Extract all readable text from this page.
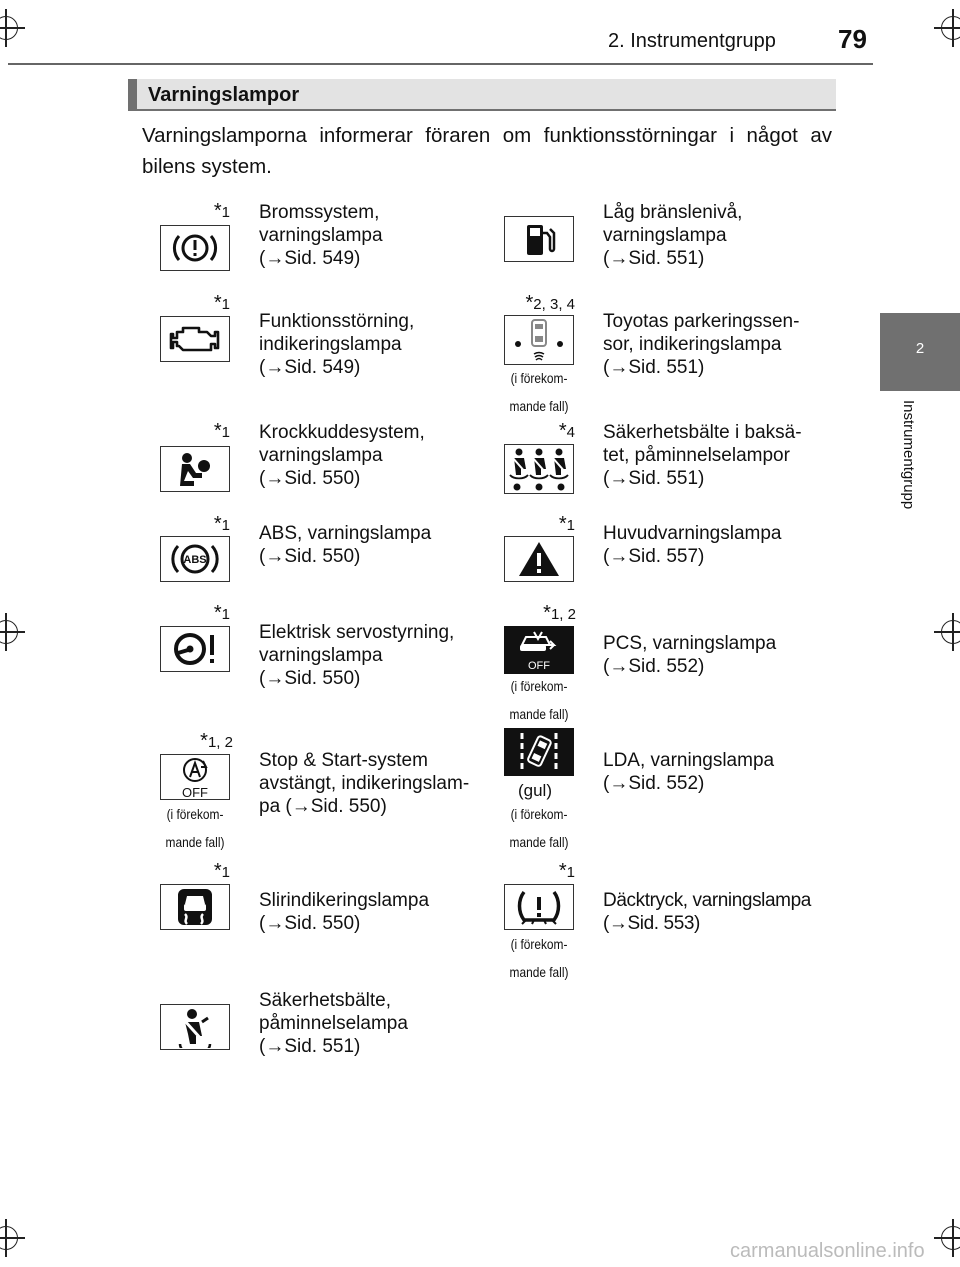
2. Instrumentgrupp 79
2
Instrumentgrupp
Varningslampor
Varningslamporna informerar föraren om funktionsstörningar i något av bilens system.
*1 Bromssystem,
varningslampa
(→Sid. 549)
*1
Funktionsstörning,
indikeringslampa
(→Sid. 549)
*1 Krockkuddesystem,
varningslampa
(→Sid. 550)
*1
ABS
ABS, varningslampa
(→Sid. 550)
*1
Elektrisk servostyrning,
varningslampa
(→Sid. 550)
*1, 2
OFF
(i förekom-
mande fall)
Stop & Start-system
avstängt, indikeringslam-
pa (→Sid. 550)
*1
Slirindikeringslampa
(→Sid. 550)
Säkerhetsbälte,
påminnelselampa
(→Sid. 551)
Låg bränslenivå,
varningslampa
(→Sid. 551)
*2, 3, 4
(i förekom-
mande fall)
Toyotas parkeringssen-
sor, indikeringslampa
(→Sid. 551)
*4 Säkerhetsbälte i baksä-
tet, påminnelselampor
(→Sid. 551)
*1 Huvudvarningslampa
(→Sid. 557)
*1, 2
OFF
(i förekom-
mande fall)
PCS, varningslampa
(→Sid. 552)
(gul)
(i förekom-
mande fall)
LDA, varningslampa
(→Sid. 552)
*1
(i förekom-
mande fall)
Däcktryck, varningslampa
(→Sid. 553)
carmanualsonline.info
